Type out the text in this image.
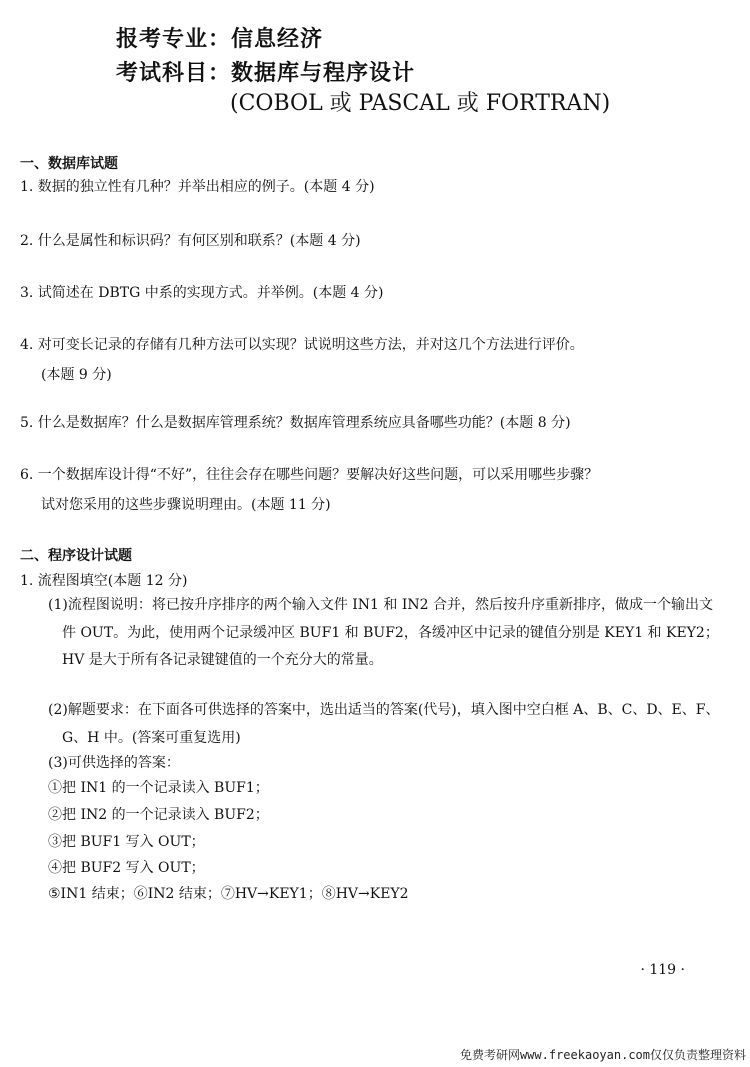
报考专业：信息经济
考试科目：数据库与程序设计
(COBOL 或 PASCAL 或 FORTRAN)
一、数据库试题
1. 数据的独立性有几种？并举出相应的例子。(本题 4 分)
2. 什么是属性和标识码？有何区别和联系？(本题 4 分)
3. 试简述在 DBTG 中系的实现方式。并举例。(本题 4 分)
4. 对可变长记录的存储有几种方法可以实现？试说明这些方法，并对这几个方法进行评价。
(本题 9 分)
5. 什么是数据库？什么是数据库管理系统？数据库管理系统应具备哪些功能？(本题 8 分)
6. 一个数据库设计得“不好”，往往会存在哪些问题？要解决好这些问题，可以采用哪些步骤？
试对您采用的这些步骤说明理由。(本题 11 分)
二、程序设计试题
1. 流程图填空(本题 12 分)
(1)流程图说明：将已按升序排序的两个输入文件 IN1 和 IN2 合并，然后按升序重新排序，做成一个输出文件 OUT。为此，使用两个记录缓冲区 BUF1 和 BUF2，各缓冲区中记录的键值分别是 KEY1 和 KEY2；HV 是大于所有各记录键键值的一个充分大的常量。
(2)解题要求：在下面各可供选择的答案中，选出适当的答案(代号)，填入图中空白框 A、B、C、D、E、F、G、H 中。(答案可重复选用)
(3)可供选择的答案：
①把 IN1 的一个记录读入 BUF1；
②把 IN2 的一个记录读入 BUF2；
③把 BUF1 写入 OUT；
④把 BUF2 写入 OUT；
⑤IN1 结束；⑥IN2 结束；⑦HV→KEY1；⑧HV→KEY2
· 119 ·
免费考研网www.freekaoyan.com仅仅负责整理资料
